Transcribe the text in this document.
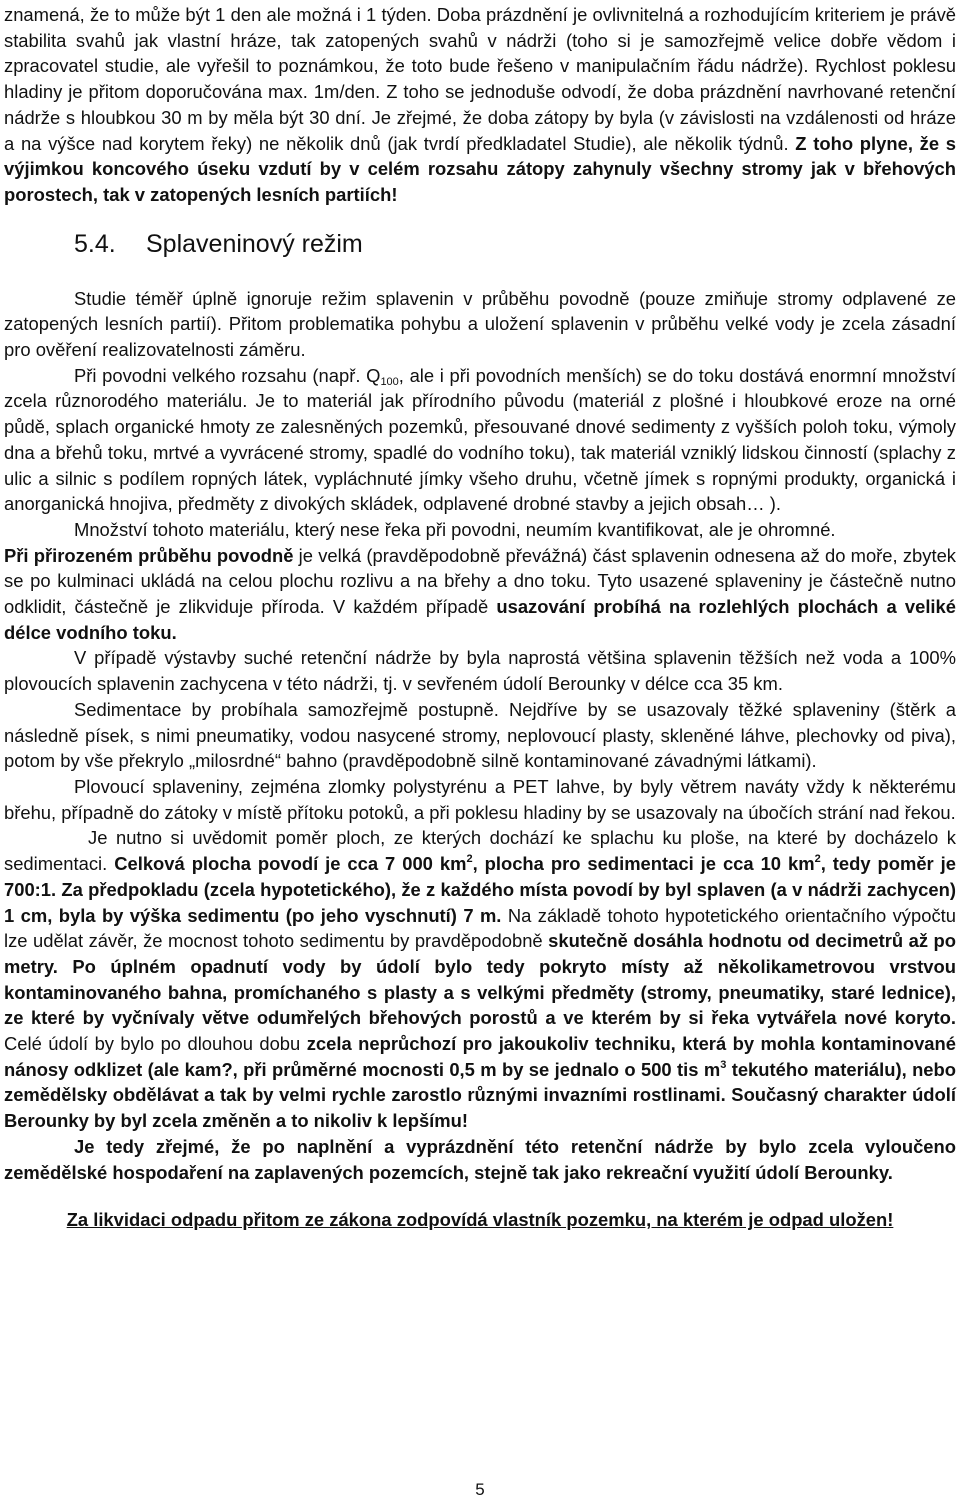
znamená, že to může být 1 den ale možná i 1 týden. Doba prázdnění je ovlivnitelná a rozhodujícím kriteriem je právě stabilita svahů jak vlastní hráze, tak zatopených svahů v nádrži (toho si je samozřejmě velice dobře vědom i zpracovatel studie, ale vyřešil to poznámkou, že toto bude řešeno v manipulačním řádu nádrže). Rychlost poklesu hladiny je přitom doporučována max. 1m/den. Z toho se jednoduše odvodí, že doba prázdnění navrhované retenční nádrže s hloubkou 30 m by měla být 30 dní. Je zřejmé, že doba zátopy by byla (v závislosti na vzdálenosti od hráze a na výšce nad korytem řeky) ne několik dnů (jak tvrdí předkladatel Studie), ale několik týdnů. Z toho plyne, že s výjimkou koncového úseku vzdutí by v celém rozsahu zátopy zahynuly všechny stromy jak v břehových porostech, tak v zatopených lesních partiích!

5.4. Splaveninový režim

Studie téměř úplně ignoruje režim splavenin v průběhu povodně (pouze zmiňuje stromy odplavené ze zatopených lesních partií). Přitom problematika pohybu a uložení splavenin v průběhu velké vody je zcela zásadní pro ověření realizovatelnosti záměru.

Při povodni velkého rozsahu (např. $Q_{100}$, ale i při povodních menších) se do toku dostává enormní množství zcela různorodého materiálu. Je to materiál jak přírodního původu (materiál z plošné i hloubkové eroze na orné půdě, splach organické hmoty ze zalesněných pozemků, přesouvané dnové sedimenty z vyšších poloh toku, výmoly dna a břehů toku, mrtvé a vyvrácené stromy, spadlé do vodního toku), tak materiál vzniklý lidskou činností (splachy z ulic a silnic s podílem ropných látek, vypláchnuté jímky všeho druhu, včetně jímek s ropnými produkty, organická i anorganická hnojiva, předměty z divokých skládek, odplavené drobné stavby a jejich obsah… ).

Množství tohoto materiálu, který nese řeka při povodni, neumím kvantifikovat, ale je ohromné.

Při přirozeném průběhu povodně je velká (pravděpodobně převážná) část splavenin odnesena až do moře, zbytek se po kulminaci ukládá na celou plochu rozlivu a na břehy a dno toku. Tyto usazené splaveniny je částečně nutno odklidit, částečně je zlikviduje příroda. V každém případě usazování probíhá na rozlehlých plochách a veliké délce vodního toku.

V případě výstavby suché retenční nádrže by byla naprostá většina splavenin těžších než voda a 100% plovoucích splavenin zachycena v této nádrži, tj. v sevřeném údolí Berounky v délce cca 35 km.

Sedimentace by probíhala samozřejmě postupně. Nejdříve by se usazovaly těžké splaveniny (štěrk a následně písek, s nimi pneumatiky, vodou nasycené stromy, neplovoucí plasty, skleněné láhve, plechovky od piva), potom by vše překrylo „milosrdné“ bahno (pravděpodobně silně kontaminované závadnými látkami).

Plovoucí splaveniny, zejména zlomky polystyrénu a PET lahve, by byly větrem naváty vždy k některému břehu, případně do zátoky v místě přítoku potoků, a při poklesu hladiny by se usazovaly na úbočích strání nad řekou.

Je nutno si uvědomit poměr ploch, ze kterých dochází ke splachu ku ploše, na které by docházelo k sedimentaci. Celková plocha povodí je cca 7 000 $km^2$, plocha pro sedimentaci je cca 10 $km^2$, tedy poměr je 700:1. Za předpokladu (zcela hypotetického), že z každého místa povodí by byl splaven (a v nádrži zachycen) 1 cm, byla by výška sedimentu (po jeho vyschnutí) 7 m. Na základě tohoto hypotetického orientačního výpočtu lze udělat závěr, že mocnost tohoto sedimentu by pravděpodobně skutečně dosáhla hodnotu od decimetrů až po metry. Po úplném opadnutí vody by údolí bylo tedy pokryto místy až několikametrovou vrstvou kontaminovaného bahna, promíchaného s plasty a s velkými předměty (stromy, pneumatiky, staré lednice), ze které by vyčnívaly větve odumřelých břehových porostů a ve kterém by si řeka vytvářela nové koryto. Celé údolí by bylo po dlouhou dobu zcela neprůchozí pro jakoukoliv techniku, která by mohla kontaminované nánosy odklizet (ale kam?, při průměrné mocnosti 0,5 m by se jednalo o 500 tis $m^3$ tekutého materiálu), nebo zemědělsky obdělávat a tak by velmi rychle zarostlo různými invazními rostlinami. Současný charakter údolí Berounky by byl zcela změněn a to nikoliv k lepšímu!

Je tedy zřejmé, že po naplnění a vyprázdnění této retenční nádrže by bylo zcela vyloučeno zemědělské hospodaření na zaplavených pozemcích, stejně tak jako rekreační využití údolí Berounky.

Za likvidaci odpadu přitom ze zákona zodpovídá vlastník pozemku, na kterém je odpad uložen!
5
